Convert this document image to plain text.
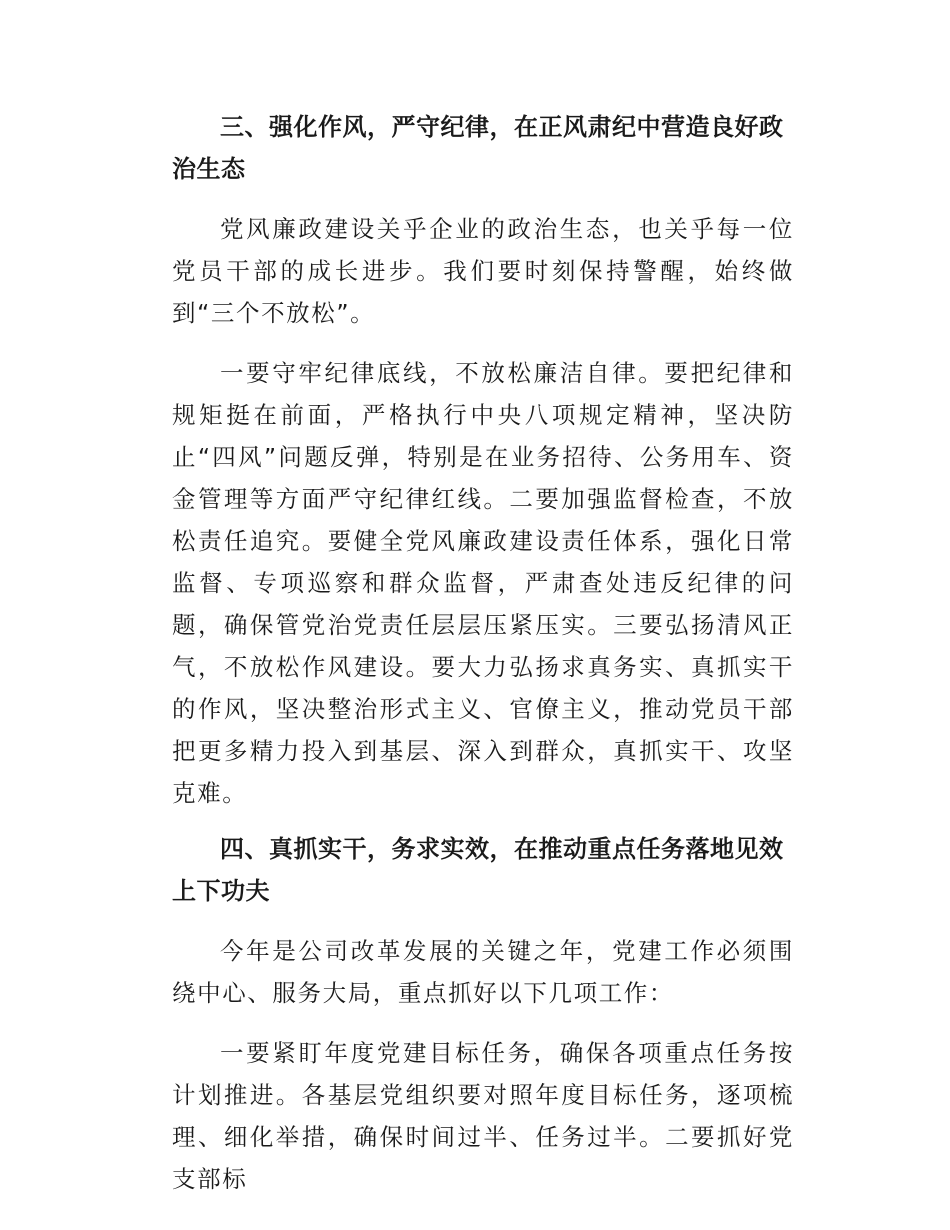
三、强化作风，严守纪律，在正风肃纪中营造良好政治生态

党风廉政建设关乎企业的政治生态，也关乎每一位党员干部的成长进步。我们要时刻保持警醒，始终做到“三个不放松”。

一要守牢纪律底线，不放松廉洁自律。要把纪律和规矩挺在前面，严格执行中央八项规定精神，坚决防止“四风”问题反弹，特别是在业务招待、公务用车、资金管理等方面严守纪律红线。二要加强监督检查，不放松责任追究。要健全党风廉政建设责任体系，强化日常监督、专项巡察和群众监督，严肃查处违反纪律的问题，确保管党治党责任层层压紧压实。三要弘扬清风正气，不放松作风建设。要大力弘扬求真务实、真抓实干的作风，坚决整治形式主义、官僚主义，推动党员干部把更多精力投入到基层、深入到群众，真抓实干、攻坚克难。

四、真抓实干，务求实效，在推动重点任务落地见效上下功夫

今年是公司改革发展的关键之年，党建工作必须围绕中心、服务大局，重点抓好以下几项工作：

一要紧盯年度党建目标任务，确保各项重点任务按计划推进。各基层党组织要对照年度目标任务，逐项梳理、细化举措，确保时间过半、任务过半。二要抓好党支部标
